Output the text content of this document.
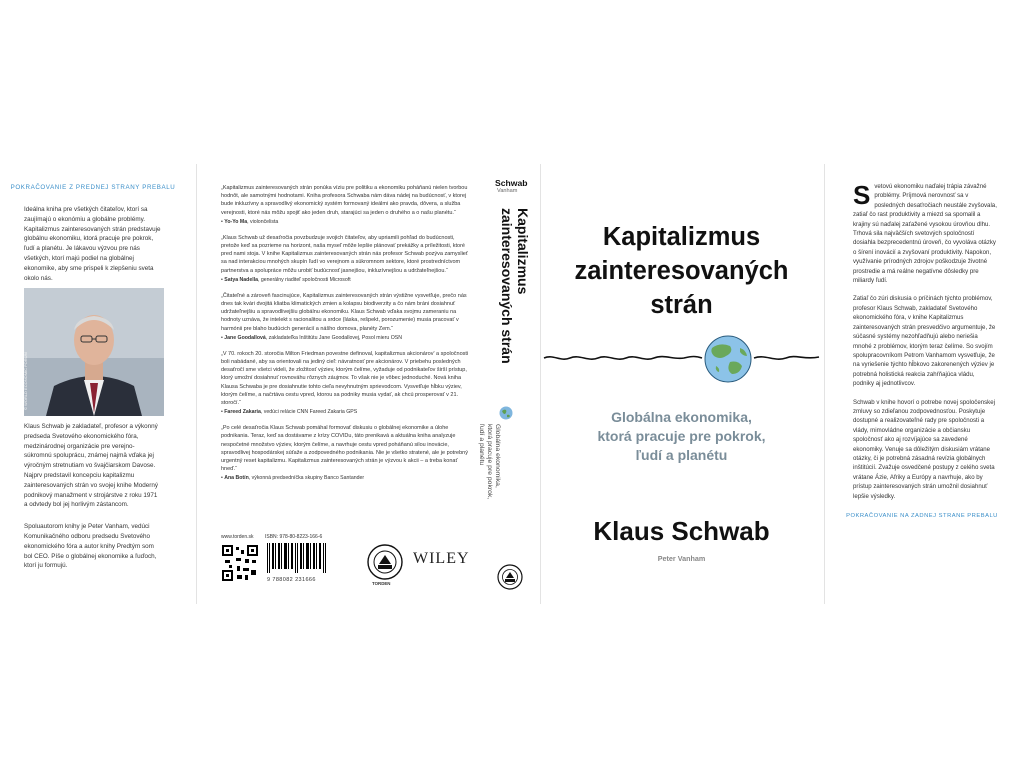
POKRAČOVANIE Z PREDNEJ STRANY PREBALU

Ideálna kniha pre všetkých čitateľov, ktorí sa zaujímajú o ekonómiu a globálne problémy. Kapitalizmus zainteresovaných strán predstavuje globálnu ekonomiku, ktorá pracuje pre pokrok, ľudí a planétu. Je lákavou výzvou pre nás všetkých, ktorí majú podiel na globálnej ekonomike, aby sme prispeli k zlepšeniu sveta okolo nás.

© WORLD ECONOMIC FORUM

Klaus Schwab je zakladateľ, profesor a výkonný predseda Svetového ekonomického fóra, medzinárodnej organizácie pre verejno-súkromnú spoluprácu, známej najmä vďaka jej výročným stretnutiam vo švajčiarskom Davose. Najprv predstavil koncepciu kapitalizmu zainteresovaných strán vo svojej knihe Moderný podnikový manažment v strojárstve z roku 1971 a odvtedy bol jej horlivým zástancom.

Spoluautorom knihy je Peter Vanham, vedúci Komunikačného odboru predsedu Svetového ekonomického fóra a autor knihy Predtým som bol CEO. Píše o globálnej ekonomike a ľuďoch, ktorí ju formujú.

„Kapitalizmus zainteresovaných strán ponúka víziu pre politiku a ekonomiku poháňanú nielen tvorbou hodnôt, ale samotnými hodnotami. Kniha profesora Schwaba nám dáva nádej na budúcnosť, v ktorej bude inkluzívny a spravodlivý ekonomický systém formovaný ideálmi ako pravda, dôvera, a služba verejnosti, ktoré nás môžu spojiť ako jeden druh, starajúci sa jeden o druhého a o našu planétu.“

• Yo-Yo Ma, violončelista

„Klaus Schwab už desaťročia povzbudzuje svojich čitateľov, aby upriamili pohľad do budúcnosti, pretože keď sa pozrieme na horizont, naša myseľ môže lepšie plánovať prekážky a príležitosti, ktoré pred nami stoja. V knihe Kapitalizmus zainteresovaných strán nás profesor Schwab pozýva zamyslieť sa nad interakciou mnohých skupín ľudí vo verejnom a súkromnom sektore, ktoré prostredníctvom partnerstva a spolupráce môžu urobiť budúcnosť jasnejšou, inkluzívnejšou a udržateľnejšou.“

• Satya Nadella, generálny riaditeľ spoločnosti Microsoft

„Čitateľné a zároveň fascinujúce, Kapitalizmus zainteresovaných strán výstižne vysvetľuje, prečo nás dnes tak kvári dvojitá kliatba klimatických zmien a kolapsu biodiverzity a čo nám bráni dosiahnuť udržateľnejšiu a spravodlivejšiu globálnu ekonomiku. Klaus Schwab vďaka svojmu zameraniu na hodnoty uznáva, že intelekt s racionalitou a srdce (láska, rešpekt, porozumenie) musia pracovať v harmónii pre blaho budúcich generácií a nášho domova, planéty Zem.“

• Jane Goodallová, zakladateľka Inštitútu Jane Goodallovej, Posol mieru OSN

„V 70. rokoch 20. storočia Milton Friedman povestne definoval, kapitalizmus akcionárov' a spoločnosti boli nabádané, aby sa orientovali na jediný cieľ: návratnosť pre akcionárov. V priebehu posledných desaťročí sme všetci videli, že zložitosť výziev, ktorým čelíme, vyžaduje od podnikateľov širší prístup, ktorý umožní dosiahnuť rovnováhu rôznych záujmov. To však nie je vôbec jednoduché. Nová kniha Klausa Schwaba je pre dosiahnutie tohto cieľa nevyhnutným sprievodcom. Vysvetľuje hĺbku výziev, ktorým čelíme, a načrtáva cestu vpred, ktorou sa podniky musia vydať, ak chcú prosperovať v 21. storočí.“

• Fareed Zakaria, vedúci relácie CNN Fareed Zakaria GPS

„Po celé desaťročia Klaus Schwab pomáhal formovať diskusiu o globálnej ekonomike a úlohe podnikania. Teraz, keď sa dostávame z krízy COVIDu, táto prenikavá a aktuálna kniha analyzuje nespočetné množstvo výziev, ktorým čelíme, a navrhuje cestu vpred poháňanú silou inovácie, spravodlivej hospodárskej súťaže a zodpovedného podnikania. Nie je všetko stratené, ale je potrebný urgentný reset kapitalizmu. Kapitalizmus zainteresovaných strán je výzvou k akcii – a treba konať hneď.“

• Ana Botín, výkonná predsedníčka skupiny Banco Santander

www.torden.sk	ISBN: 978-80-8223-166-6
9 788082 231666
TORDEN
WILEY
Schwab
Vanham
Kapitalizmus
zainteresovaných strán
Globálna ekonomika,
ktorá pracuje pre pokrok,
ľudí a planétu
Kapitalizmus
zainteresovaných
strán
Globálna ekonomika,
ktorá pracuje pre pokrok,
ľudí a planétu
Klaus Schwab
Peter Vanham

Svetovú ekonomiku naďalej trápia závažné problémy. Príjmová nerovnosť sa v posledných desaťročiach neustále zvyšovala, zatiaľ čo rast produktivity a miezd sa spomalil a krajiny sú naďalej zaťažené vysokou úrovňou dlhu. Trhová sila najväčších svetových spoločností dosiahla bezprecedentnú úroveň, čo vyvoláva otázky o šírení inovácií a zvyšovaní produktivity. Napokon, využívanie prírodných zdrojov poškodzuje životné prostredie a má reálne negatívne dôsledky pre miliardy ľudí.

Zatiaľ čo zúri diskusia o príčinách týchto problémov, profesor Klaus Schwab, zakladateľ Svetového ekonomického fóra, v knihe Kapitalizmus zainteresovaných strán presvedčivo argumentuje, že súčasné systémy nezohľadňujú alebo neriešia mnohé z problémov, ktorým teraz čelíme. So svojím spolupracovníkom Petrom Vanhamom vysvetľuje, že na vyriešenie týchto hĺbkovo zakorenených výziev je potrebná holistická reakcia zahŕňajúca vládu, podniky aj jednotlivcov.

Schwab v knihe hovorí o potrebe novej spoločenskej zmluvy so zdieľanou zodpovednosťou. Poskytuje dostupné a realizovateľné rady pre spoločnosti a vlády, mimovládne organizácie a občiansku spoločnosť ako aj rozvíjajúce sa zavedené ekonomiky. Venuje sa dôležitým diskusiám vrátane otázky, či je potrebná zásadná revízia globálnych inštitúcií. Zvažuje osvedčené postupy z celého sveta vrátane Ázie, Afriky a Európy a navrhuje, ako by prístup zainteresovaných strán umožnil dosiahnuť lepšie výsledky.

POKRAČOVANIE NA ZADNEJ STRANE PREBALU
